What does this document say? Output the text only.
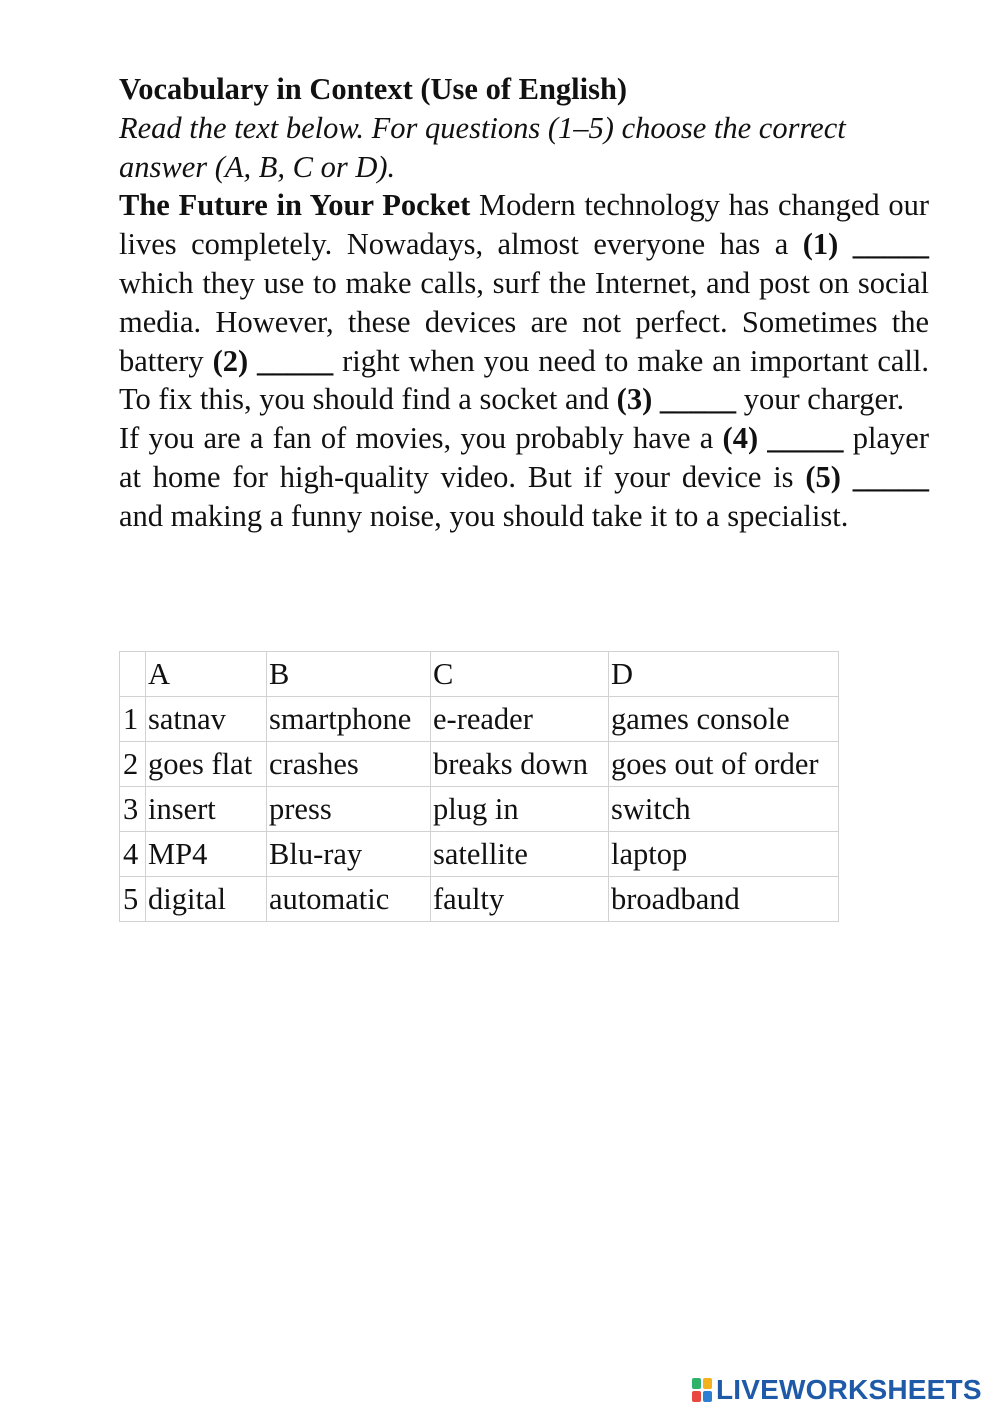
Vocabulary in Context (Use of English)
Read the text below. For questions (1–5) choose the correct answer (A, B, C or D).
The Future in Your Pocket Modern technology has changed our lives completely. Nowadays, almost everyone has a (1) _____ which they use to make calls, surf the Internet, and post on social media. However, these devices are not perfect. Sometimes the battery (2) _____ right when you need to make an important call. To fix this, you should find a socket and (3) _____ your charger.
If you are a fan of movies, you probably have a (4) _____ player at home for high-quality video. But if your device is (5) _____ and making a funny noise, you should take it to a specialist.
	A	B	C	D
1	satnav	smartphone	e-reader	games console
2	goes flat	crashes	breaks down	goes out of order
3	insert	press	plug in	switch
4	MP4	Blu-ray	satellite	laptop
5	digital	automatic	faulty	broadband
LIVEWORKSHEETS
